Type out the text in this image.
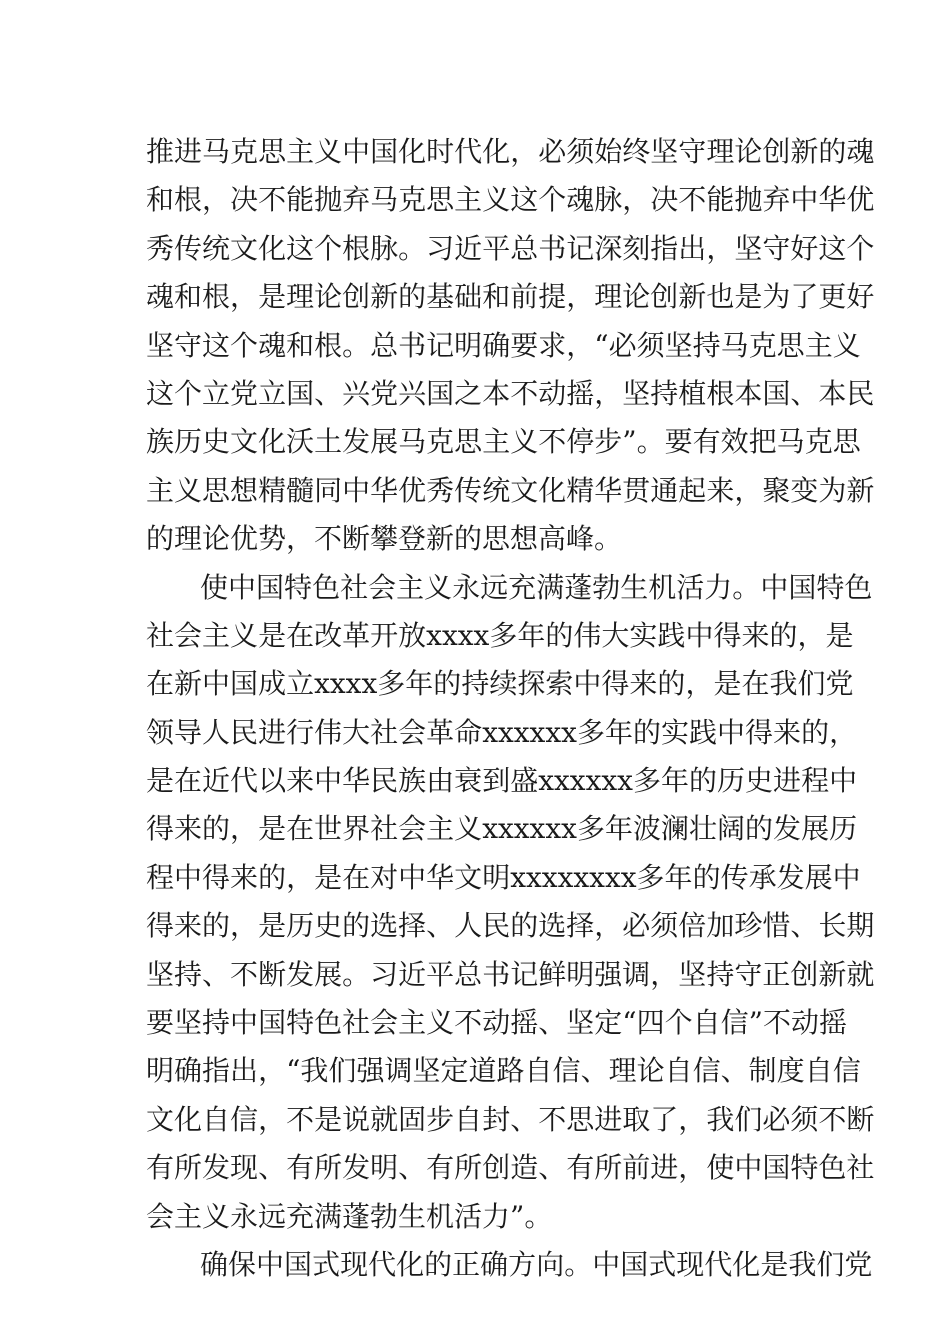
推 进 马 克 思 主 义 中 国 化 时 代 化 ， 必 须 始 终 坚 守 理 论 创 新 的 魂
和 根 ， 决 不 能 抛 弃 马 克 思 主 义 这 个 魂 脉 ， 决 不 能 抛 弃 中 华 优
秀 传 统 文 化 这 个 根 脉 。 习 近 平 总 书 记 深 刻 指 出 ， 坚 守 好 这 个
魂 和 根 ， 是 理 论 创 新 的 基 础 和 前 提 ， 理 论 创 新 也 是 为 了 更 好
坚 守 这 个 魂 和 根 。 总 书 记 明 确 要 求 ， “ 必 须 坚 持 马 克 思 主 义
这 个 立 党 立 国 、 兴 党 兴 国 之 本 不 动 摇 ， 坚 持 植 根 本 国 、 本 民
族 历 史 文 化 沃 土 发 展 马 克 思 主 义 不 停 步 ” 。 要 有 效 把 马 克 思
主 义 思 想 精 髓 同 中 华 优 秀 传 统 文 化 精 华 贯 通 起 来 ， 聚 变 为 新
的理论优势，不断攀登新的思想高峰。
使 中 国 特 色 社 会 主 义 永 远 充 满 蓬 勃 生 机 活 力 。 中 国 特 色
社 会 主 义 是 在 改 革 开 放 xxxx 多 年 的 伟 大 实 践 中 得 来 的 ， 是
在 新 中 国 成 立 xxxx 多 年 的 持 续 探 索 中 得 来 的 ， 是 在 我 们 党
领 导 人 民 进 行 伟 大 社 会 革 命 xxxxxx 多 年 的 实 践 中 得 来 的 ，
是 在 近 代 以 来 中 华 民 族 由 衰 到 盛 xxxxxx 多 年 的 历 史 进 程 中
得 来 的 ， 是 在 世 界 社 会 主 义 xxxxxx 多 年 波 澜 壮 阔 的 发 展 历
程 中 得 来 的 ， 是 在 对 中 华 文 明 xxxxxxxx 多 年 的 传 承 发 展 中
得 来 的 ， 是 历 史 的 选 择 、 人 民 的 选 择 ， 必 须 倍 加 珍 惜 、 长 期
坚 持 、 不 断 发 展 。 习 近 平 总 书 记 鲜 明 强 调 ， 坚 持 守 正 创 新 就
要 坚 持 中 国 特 色 社 会 主 义 不 动 摇 、 坚 定 “ 四 个 自 信 ” 不 动 摇
明 确 指 出 ， “ 我 们 强 调 坚 定 道 路 自 信 、 理 论 自 信 、 制 度 自 信
文 化 自 信 ， 不 是 说 就 固 步 自 封 、 不 思 进 取 了 ， 我 们 必 须 不 断
有 所 发 现 、 有 所 发 明 、 有 所 创 造 、 有 所 前 进 ， 使 中 国 特 色 社
会主义永远充满蓬勃生机活力”。
确 保 中 国 式 现 代 化 的 正 确 方 向 。 中 国 式 现 代 化 是 我 们 党
